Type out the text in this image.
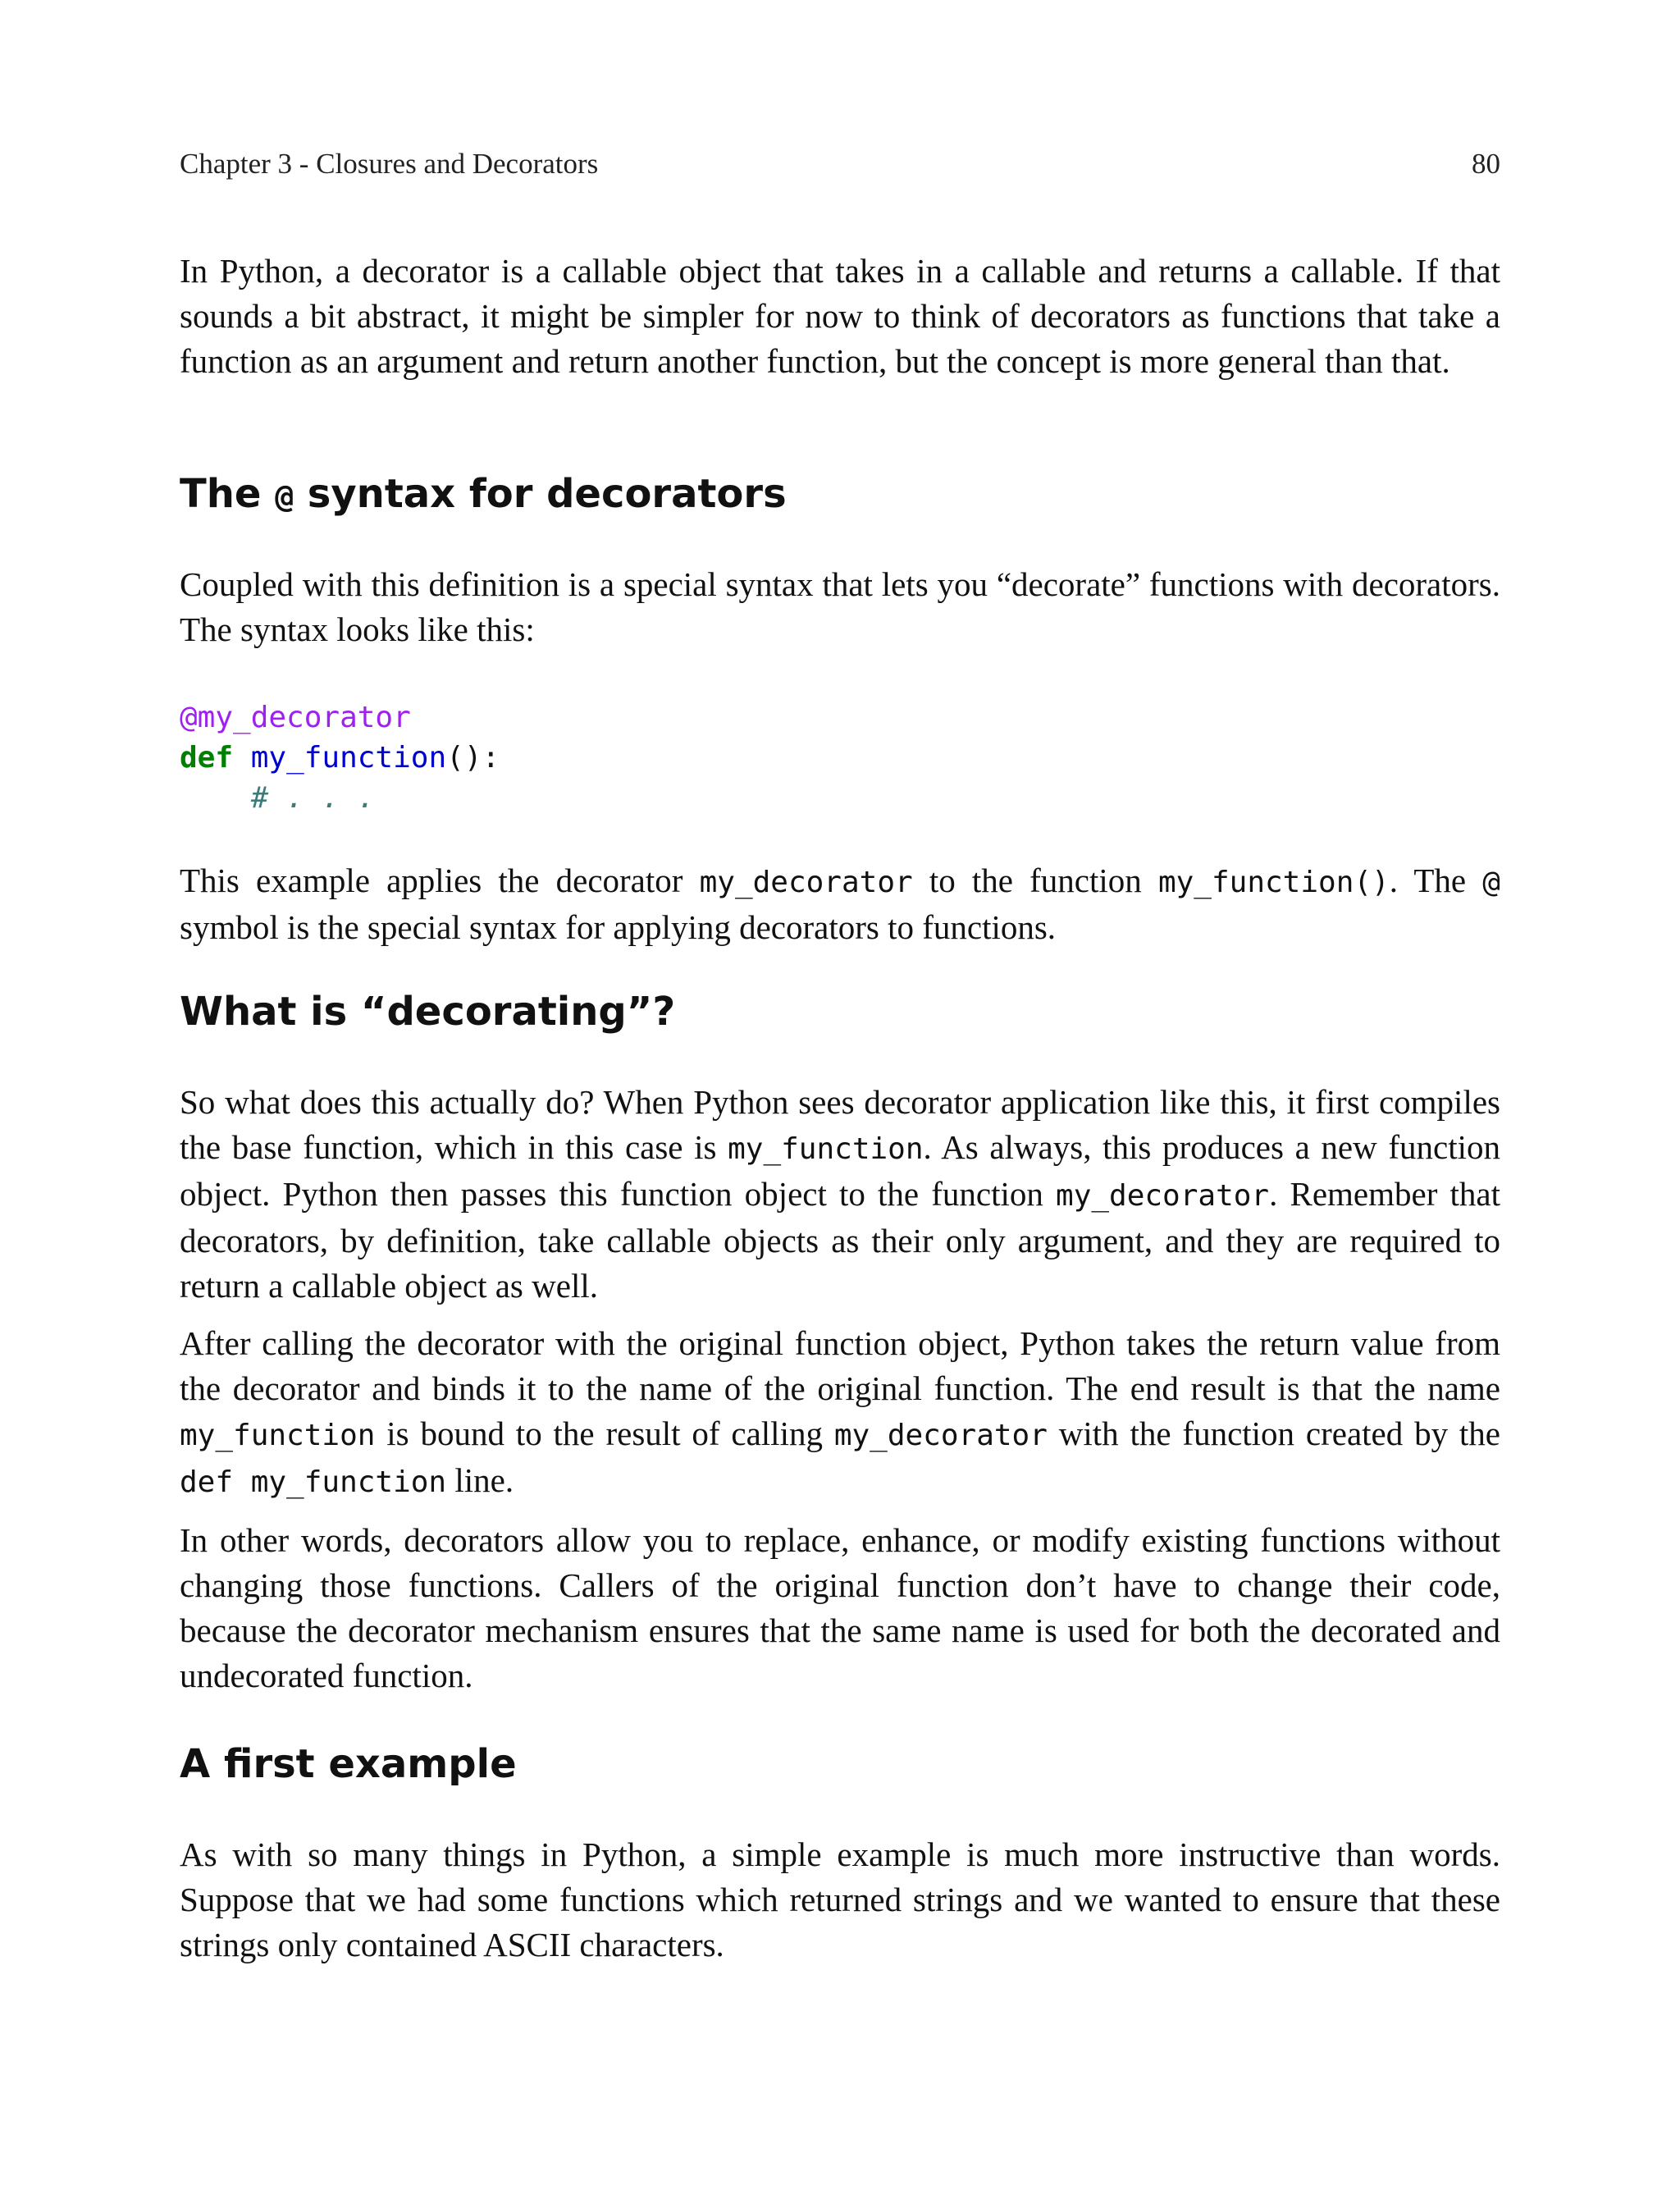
Chapter 3 - Closures and Decorators	80

In Python, a decorator is a callable object that takes in a callable and returns a callable. If that sounds a bit abstract, it might be simpler for now to think of decorators as functions that take a function as an argument and return another function, but the concept is more general than that.

The @ syntax for decorators

Coupled with this definition is a special syntax that lets you “decorate” functions with decorators. The syntax looks like this:

@my_decorator
def my_function():
# . . .

This example applies the decorator my_decorator to the function my_function(). The @ symbol is the special syntax for applying decorators to functions.

What is “decorating”?

So what does this actually do? When Python sees decorator application like this, it first compiles the base function, which in this case is my_function. As always, this produces a new function object. Python then passes this function object to the function my_decorator. Remember that decorators, by definition, take callable objects as their only argument, and they are required to return a callable object as well.

After calling the decorator with the original function object, Python takes the return value from the decorator and binds it to the name of the original function. The end result is that the name my_function is bound to the result of calling my_decorator with the function created by the def my_function line.

In other words, decorators allow you to replace, enhance, or modify existing functions without changing those functions. Callers of the original function don’t have to change their code, because the decorator mechanism ensures that the same name is used for both the decorated and undecorated function.

A first example

As with so many things in Python, a simple example is much more instructive than words. Suppose that we had some functions which returned strings and we wanted to ensure that these strings only contained ASCII characters.
